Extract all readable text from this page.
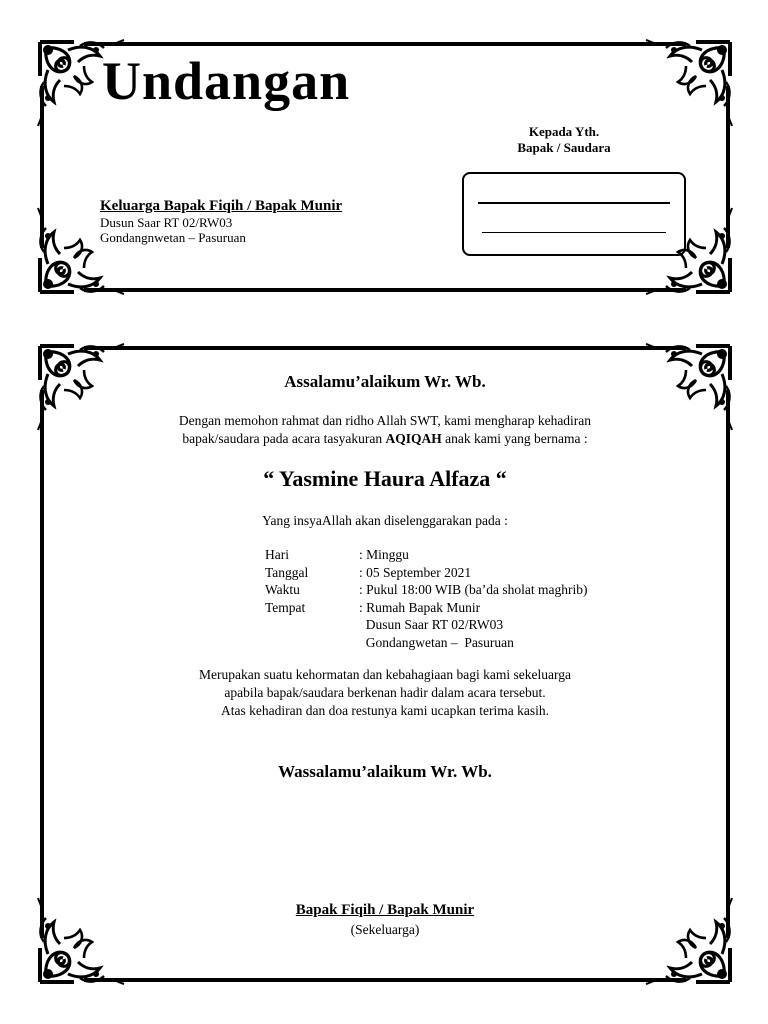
Undangan
Kepada Yth.
Bapak / Saudara
Keluarga Bapak Fiqih / Bapak Munir
Dusun Saar RT 02/RW03
Gondangnwetan – Pasuruan
Assalamu’alaikum Wr. Wb.
Dengan memohon rahmat dan ridho Allah SWT, kami mengharap kehadiran
bapak/saudara pada acara tasyakuran AQIQAH anak kami yang bernama :
“ Yasmine Haura Alfaza “
Yang insyaAllah akan diselenggarakan pada :
Hari	: Minggu
Tanggal	: 05 September 2021
Waktu	: Pukul 18:00 WIB (ba’da sholat maghrib)
Tempat	: Rumah Bapak Munir
Dusun Saar RT 02/RW03
Gondangwetan –  Pasuruan
Merupakan suatu kehormatan dan kebahagiaan bagi kami sekeluarga
apabila bapak/saudara berkenan hadir dalam acara tersebut.
Atas kehadiran dan doa restunya kami ucapkan terima kasih.
Wassalamu’alaikum Wr. Wb.
Bapak Fiqih / Bapak Munir
(Sekeluarga)
